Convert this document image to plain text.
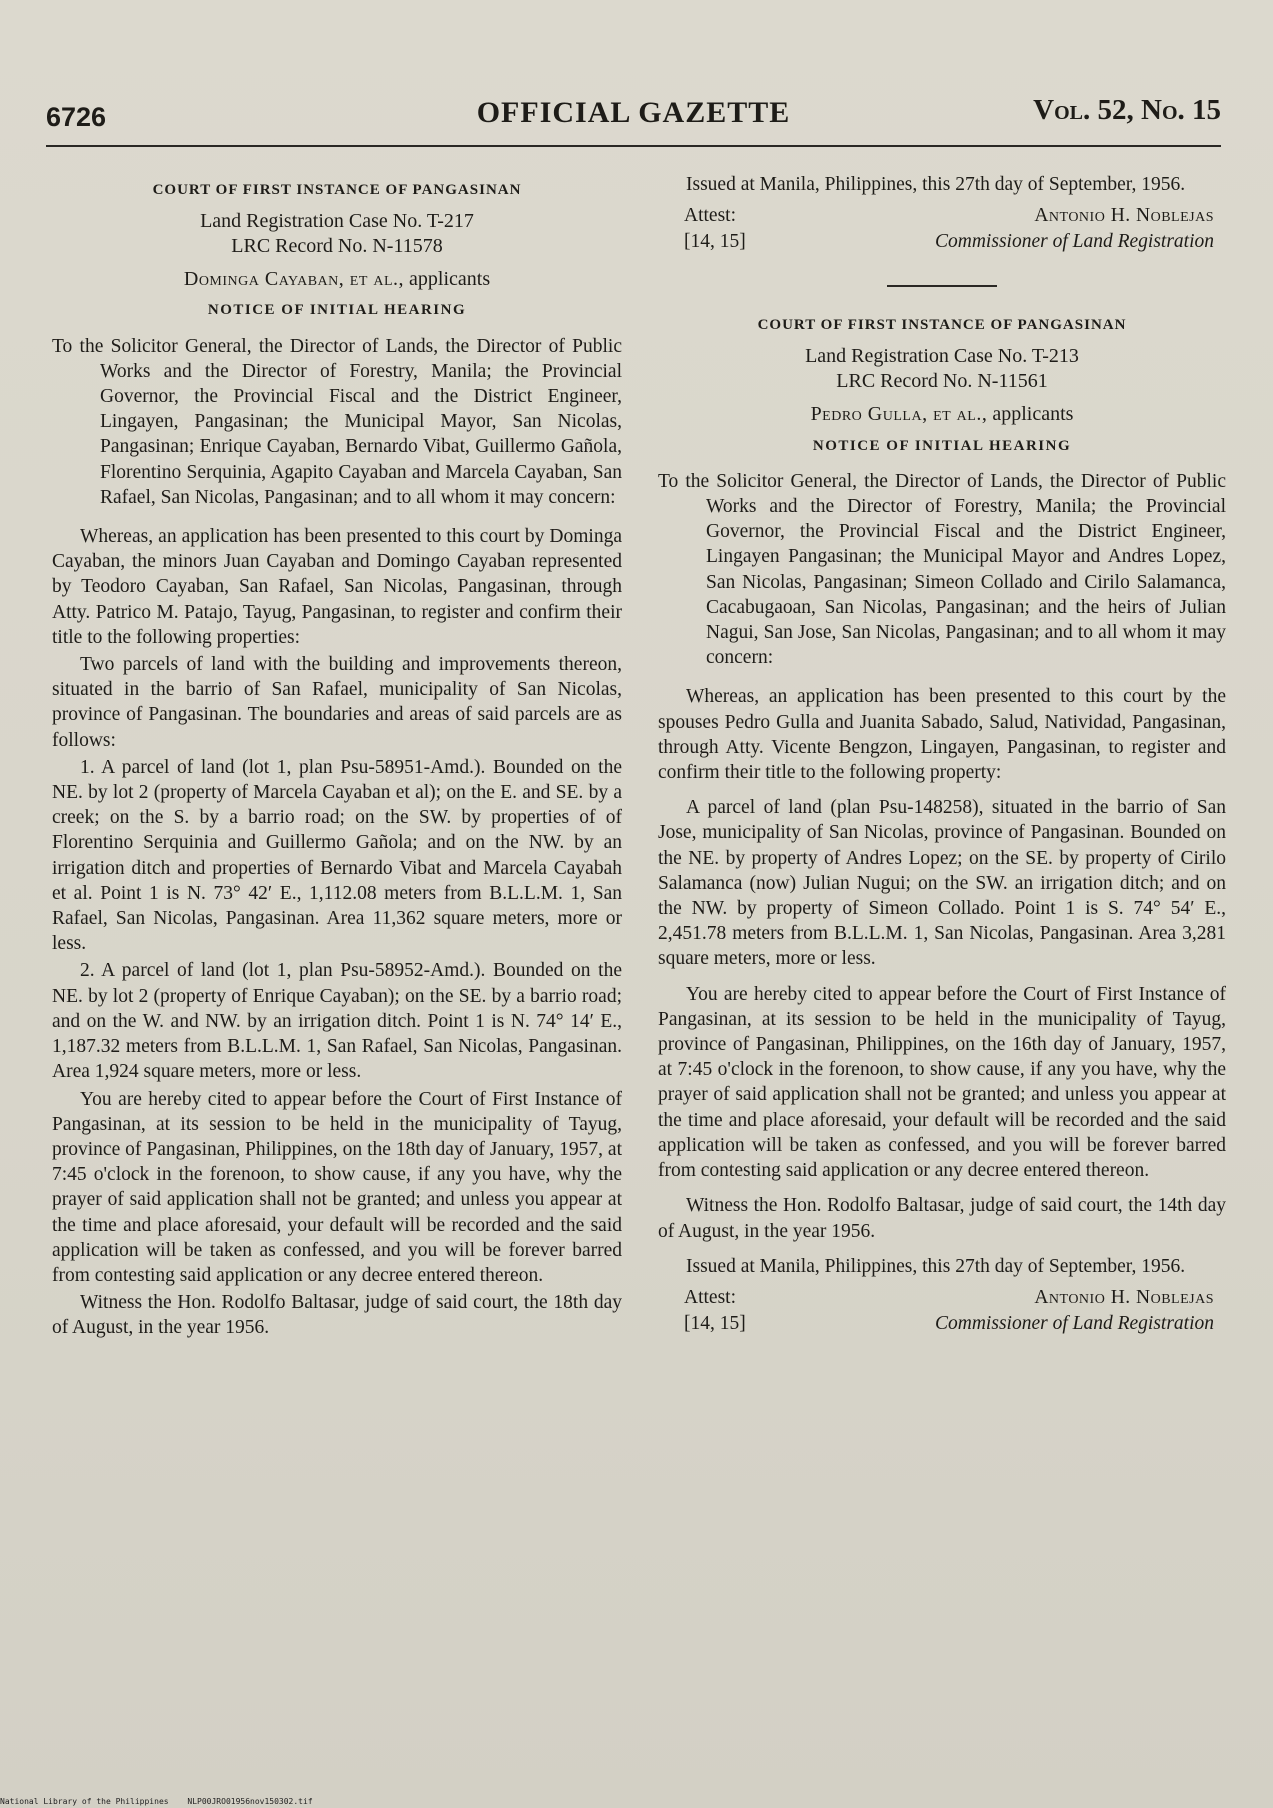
6726	OFFICIAL GAZETTE	Vol. 52, No. 15
COURT OF FIRST INSTANCE OF PANGASINAN
Land Registration Case No. T-217
LRC Record No. N-11578
Dominga Cayaban, et al., applicants
NOTICE OF INITIAL HEARING

To the Solicitor General, the Director of Lands, the Director of Public Works and the Director of Forestry, Manila; the Provincial Governor, the Provincial Fiscal and the District Engineer, Lingayen, Pangasinan; the Municipal Mayor, San Nicolas, Pangasinan; Enrique Cayaban, Bernardo Vibat, Guillermo Gañola, Florentino Serquinia, Agapito Cayaban and Marcela Cayaban, San Rafael, San Nicolas, Pangasinan; and to all whom it may concern:

Whereas, an application has been presented to this court by Dominga Cayaban, the minors Juan Cayaban and Domingo Cayaban represented by Teodoro Cayaban, San Rafael, San Nicolas, Pangasinan, through Atty. Patrico M. Patajo, Tayug, Pangasinan, to register and confirm their title to the following properties:

Two parcels of land with the building and improvements thereon, situated in the barrio of San Rafael, municipality of San Nicolas, province of Pangasinan. The boundaries and areas of said parcels are as follows:

1. A parcel of land (lot 1, plan Psu-58951-Amd.). Bounded on the NE. by lot 2 (property of Marcela Cayaban et al); on the E. and SE. by a creek; on the S. by a barrio road; on the SW. by properties of of Florentino Serquinia and Guillermo Gañola; and on the NW. by an irrigation ditch and properties of Bernardo Vibat and Marcela Cayabah et al. Point 1 is N. 73° 42′ E., 1,112.08 meters from B.L.L.M. 1, San Rafael, San Nicolas, Pangasinan. Area 11,362 square meters, more or less.

2. A parcel of land (lot 1, plan Psu-58952-Amd.). Bounded on the NE. by lot 2 (property of Enrique Cayaban); on the SE. by a barrio road; and on the W. and NW. by an irrigation ditch. Point 1 is N. 74° 14′ E., 1,187.32 meters from B.L.L.M. 1, San Rafael, San Nicolas, Pangasinan. Area 1,924 square meters, more or less.

You are hereby cited to appear before the Court of First Instance of Pangasinan, at its session to be held in the municipality of Tayug, province of Pangasinan, Philippines, on the 18th day of January, 1957, at 7:45 o'clock in the forenoon, to show cause, if any you have, why the prayer of said application shall not be granted; and unless you appear at the time and place aforesaid, your default will be recorded and the said application will be taken as confessed, and you will be forever barred from contesting said application or any decree entered thereon.

Witness the Hon. Rodolfo Baltasar, judge of said court, the 18th day of August, in the year 1956.

Issued at Manila, Philippines, this 27th day of September, 1956.

Attest:
[14, 15]
Antonio H. Noblejas
Commissioner of Land Registration
COURT OF FIRST INSTANCE OF PANGASINAN
Land Registration Case No. T-213
LRC Record No. N-11561
Pedro Gulla, et al., applicants
NOTICE OF INITIAL HEARING

To the Solicitor General, the Director of Lands, the Director of Public Works and the Director of Forestry, Manila; the Provincial Governor, the Provincial Fiscal and the District Engineer, Lingayen Pangasinan; the Municipal Mayor and Andres Lopez, San Nicolas, Pangasinan; Simeon Collado and Cirilo Salamanca, Cacabugaoan, San Nicolas, Pangasinan; and the heirs of Julian Nagui, San Jose, San Nicolas, Pangasinan; and to all whom it may concern:

Whereas, an application has been presented to this court by the spouses Pedro Gulla and Juanita Sabado, Salud, Natividad, Pangasinan, through Atty. Vicente Bengzon, Lingayen, Pangasinan, to register and confirm their title to the following property:

A parcel of land (plan Psu-148258), situated in the barrio of San Jose, municipality of San Nicolas, province of Pangasinan. Bounded on the NE. by property of Andres Lopez; on the SE. by property of Cirilo Salamanca (now) Julian Nugui; on the SW. an irrigation ditch; and on the NW. by property of Simeon Collado. Point 1 is S. 74° 54′ E., 2,451.78 meters from B.L.L.M. 1, San Nicolas, Pangasinan. Area 3,281 square meters, more or less.

You are hereby cited to appear before the Court of First Instance of Pangasinan, at its session to be held in the municipality of Tayug, province of Pangasinan, Philippines, on the 16th day of January, 1957, at 7:45 o'clock in the forenoon, to show cause, if any you have, why the prayer of said application shall not be granted; and unless you appear at the time and place aforesaid, your default will be recorded and the said application will be taken as confessed, and you will be forever barred from contesting said application or any decree entered thereon.

Witness the Hon. Rodolfo Baltasar, judge of said court, the 14th day of August, in the year 1956.

Issued at Manila, Philippines, this 27th day of September, 1956.

Attest:
[14, 15]
Antonio H. Noblejas
Commissioner of Land Registration
National Library of the Philippines NLP00JRO01956nov150302.tif
